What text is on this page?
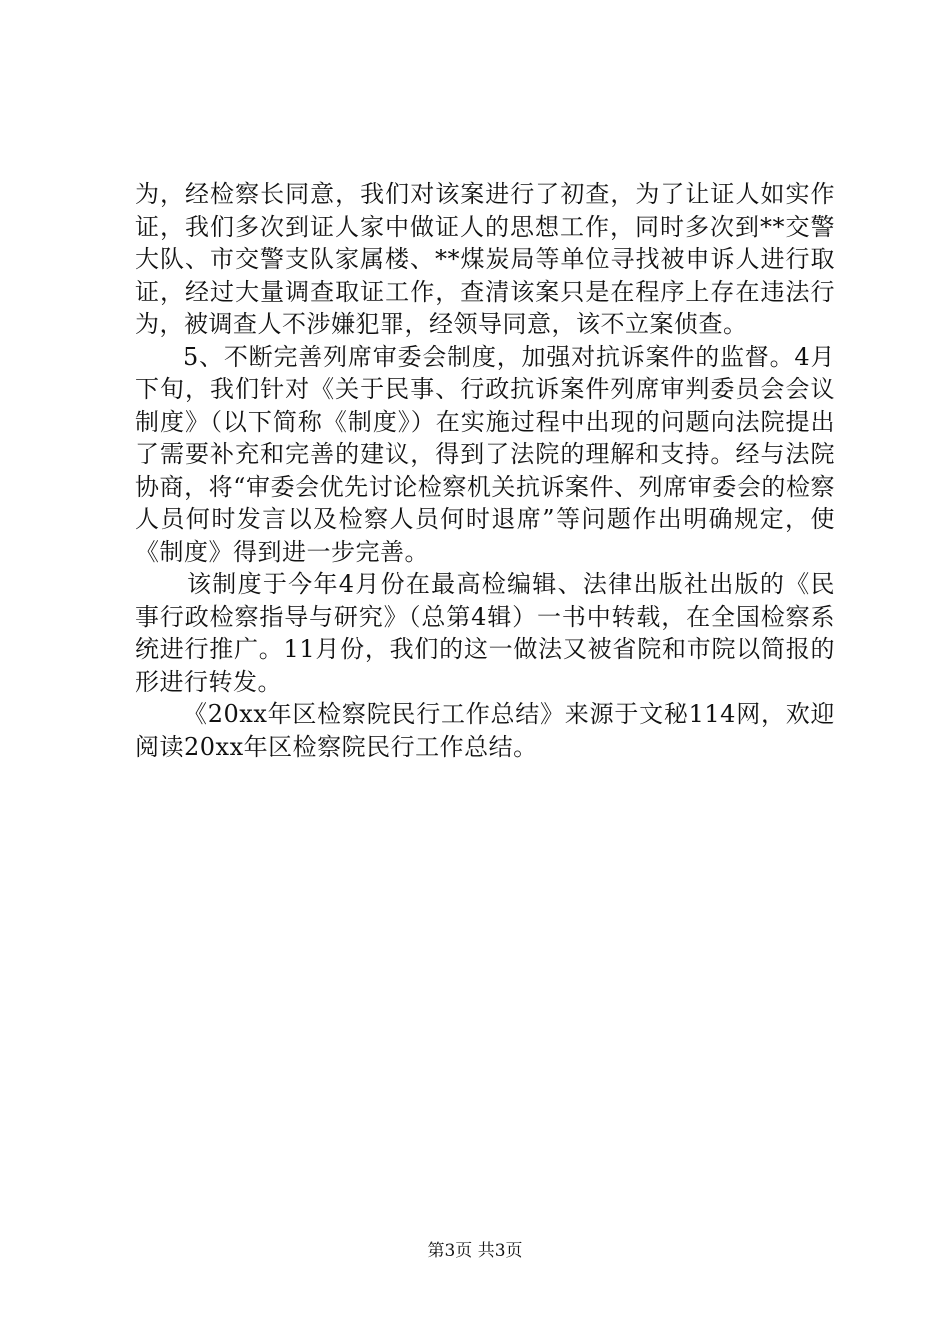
为，经检察长同意，我们对该案进行了初查，为了让证人如实作证，我们多次到证人家中做证人的思想工作，同时多次到**交警大队、市交警支队家属楼、**煤炭局等单位寻找被申诉人进行取证，经过大量调查取证工作，查清该案只是在程序上存在违法行为，被调查人不涉嫌犯罪，经领导同意，该不立案侦查。

5、不断完善列席审委会制度，加强对抗诉案件的监督。4月下旬，我们针对《关于民事、行政抗诉案件列席审判委员会会议制度》（以下简称《制度》）在实施过程中出现的问题向法院提出了需要补充和完善的建议，得到了法院的理解和支持。经与法院协商，将“审委会优先讨论检察机关抗诉案件、列席审委会的检察人员何时发言以及检察人员何时退席”等问题作出明确规定，使《制度》得到进一步完善。

该制度于今年4月份在最高检编辑、法律出版社出版的《民事行政检察指导与研究》（总第4辑）一书中转载，在全国检察系统进行推广。11月份，我们的这一做法又被省院和市院以简报的形进行转发。

《20xx年区检察院民行工作总结》来源于文秘114网，欢迎阅读20xx年区检察院民行工作总结。

第3页 共3页
